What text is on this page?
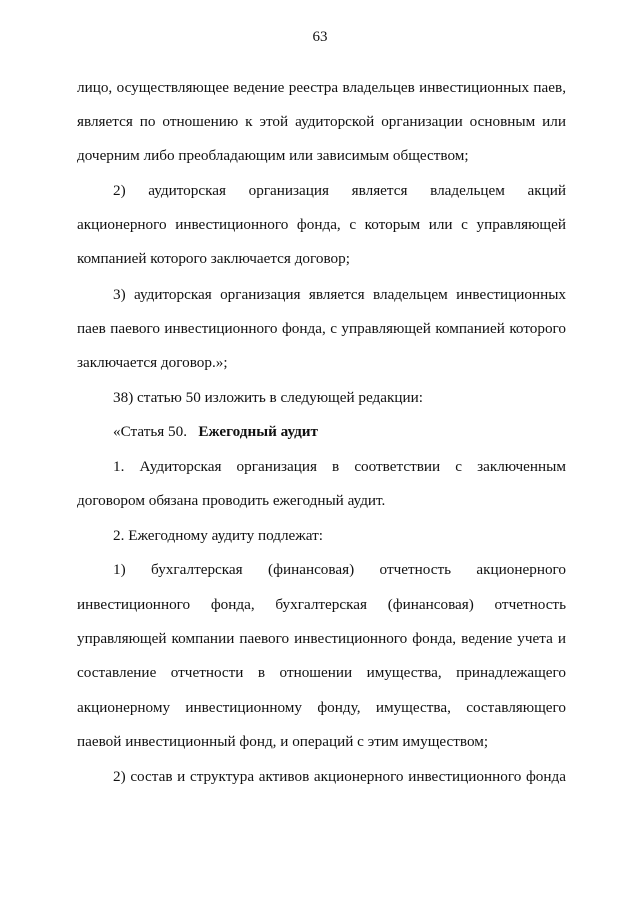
63
лицо, осуществляющее ведение реестра владельцев инвестиционных паев,
является по отношению к этой аудиторской организации основным или
дочерним либо преобладающим или зависимым обществом;
2) аудиторская организация является владельцем акций
акционерного инвестиционного фонда, с которым или с управляющей
компанией которого заключается договор;
3) аудиторская организация является владельцем инвестиционных
паев паевого инвестиционного фонда, с управляющей компанией которого
заключается договор.»;
38) статью 50 изложить в следующей редакции:
«Статья 50. Ежегодный аудит
1. Аудиторская организация в соответствии с заключенным
договором обязана проводить ежегодный аудит.
2. Ежегодному аудиту подлежат:
1) бухгалтерская (финансовая) отчетность акционерного
инвестиционного фонда, бухгалтерская (финансовая) отчетность
управляющей компании паевого инвестиционного фонда, ведение учета и
составление отчетности в отношении имущества, принадлежащего
акционерному инвестиционному фонду, имущества, составляющего
паевой инвестиционный фонд, и операций с этим имуществом;
2) состав и структура активов акционерного инвестиционного фонда
